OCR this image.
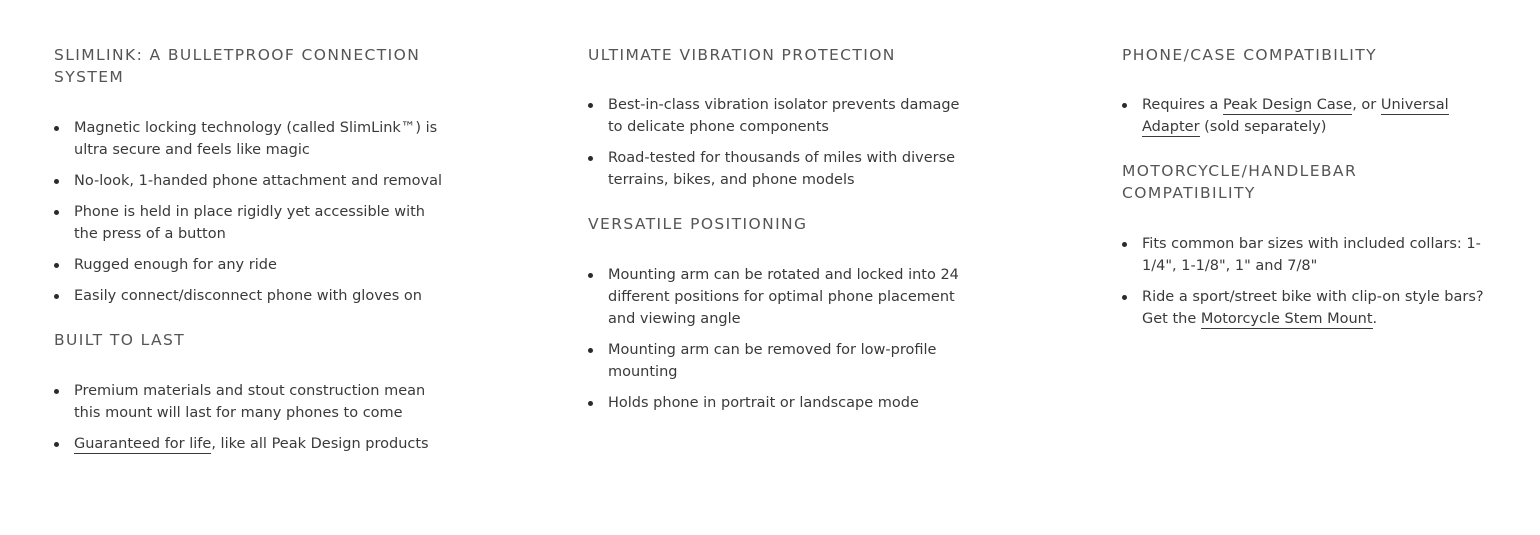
SLIMLINK: A BULLETPROOF CONNECTION SYSTEM
Magnetic locking technology (called SlimLink™) is ultra secure and feels like magic
No-look, 1-handed phone attachment and removal
Phone is held in place rigidly yet accessible with the press of a button
Rugged enough for any ride
Easily connect/disconnect phone with gloves on
BUILT TO LAST
Premium materials and stout construction mean this mount will last for many phones to come
Guaranteed for life, like all Peak Design products
ULTIMATE VIBRATION PROTECTION
Best-in-class vibration isolator prevents damage to delicate phone components
Road-tested for thousands of miles with diverse terrains, bikes, and phone models
VERSATILE POSITIONING
Mounting arm can be rotated and locked into 24 different positions for optimal phone placement and viewing angle
Mounting arm can be removed for low-profile mounting
Holds phone in portrait or landscape mode
PHONE/CASE COMPATIBILITY
Requires a Peak Design Case, or Universal Adapter (sold separately)
MOTORCYCLE/HANDLEBAR COMPATIBILITY
Fits common bar sizes with included collars: 1-1/4", 1-1/8", 1" and 7/8"
Ride a sport/street bike with clip-on style bars? Get the Motorcycle Stem Mount.
